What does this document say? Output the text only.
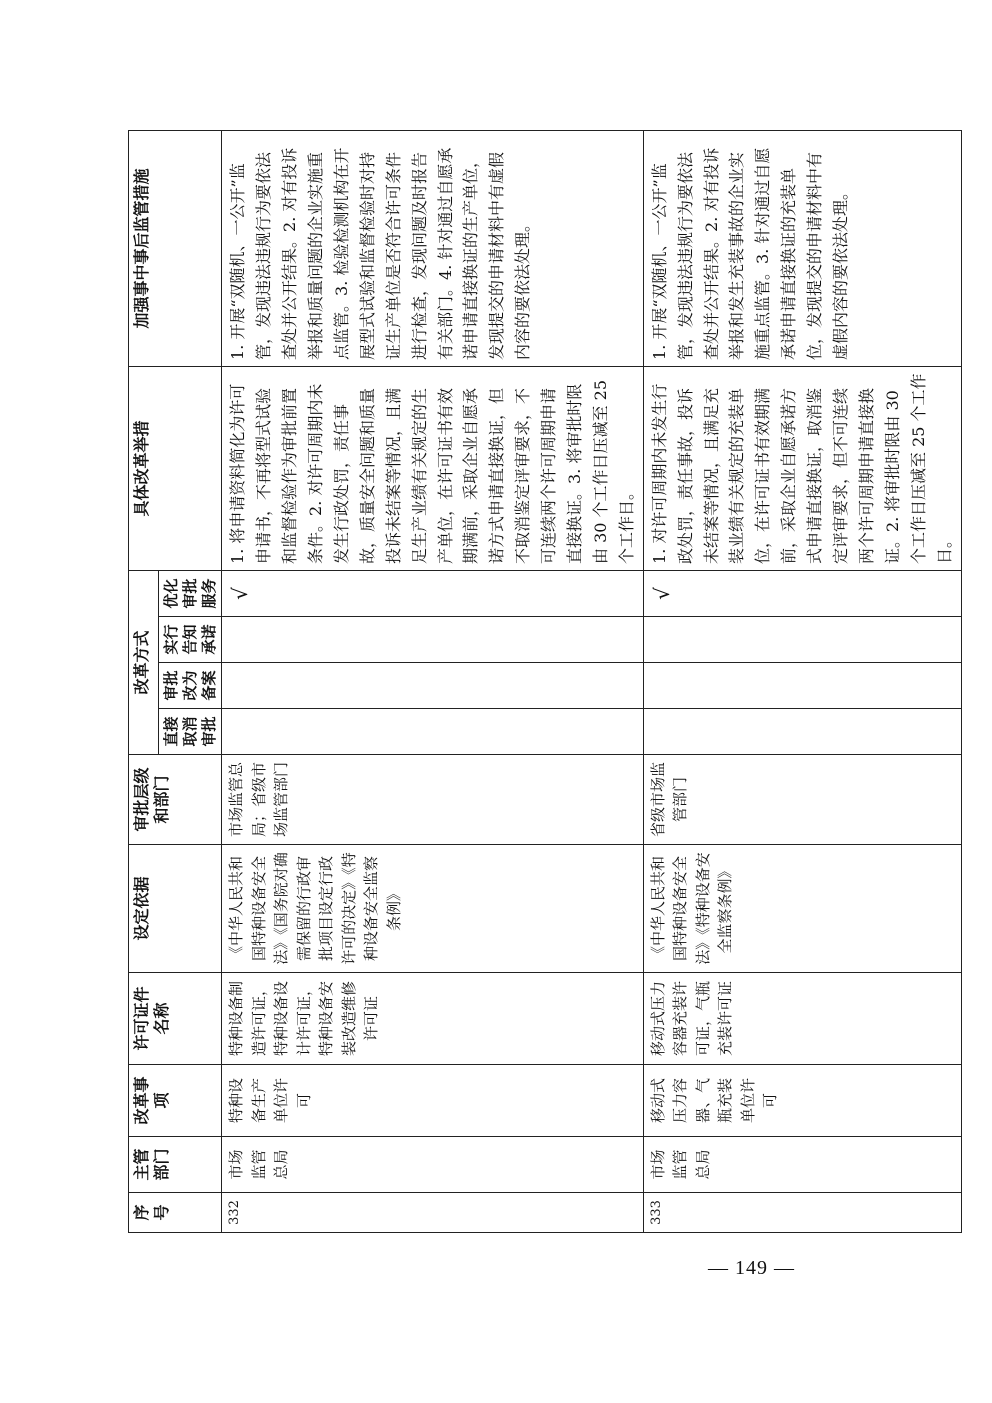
序号	主管部门	改革事项	许可证件名称	设定依据	审批层级和部门	改革方式				具体改革举措	加强事中事后监管措施
						直接取消审批	审批改为备案	实行告知承诺	优化审批服务		
332	市场监管总局	特种设备生产单位许可	特种设备制造许可证，特种设备设计许可证，特种设备安装改造维修许可证	《中华人民共和国特种设备安全法》《国务院对确需保留的行政审批项目设定行政许可的决定》《特种设备安全监察条例》	市场监管总局；省级市场监管部门				√	1. 将申请资料简化为许可申请书，不再将型式试验和监督检验作为审批前置条件。2. 对许可周期内未发生行政处罚，责任事故，质量安全问题和质量投诉未结案等情况，且满足生产业绩有关规定的生产单位，在许可证书有效期满前，采取企业自愿承诺方式申请直接换证，但不取消鉴定评审要求，不可连续两个许可周期申请直接换证。3. 将审批时限由 30 个工作日压减至 25 个工作日。	1. 开展“双随机、一公开”监管，发现违法违规行为要依法查处并公开结果。2. 对有投诉举报和质量问题的企业实施重点监管。3. 检验检测机构在开展型式试验和监督检验时对持证生产单位是否符合许可条件进行检查，发现问题及时报告有关部门。4. 针对通过自愿承诺申请直接换证的生产单位，发现提交的申请材料中有虚假内容的要依法处理。
333	市场监管总局	移动式压力容器、气瓶充装单位许可	移动式压力容器充装许可证，气瓶充装许可证	《中华人民共和国特种设备安全法》《特种设备安全监察条例》	省级市场监管部门				√	1. 对许可周期内未发生行政处罚，责任事故，投诉未结案等情况，且满足充装业绩有关规定的充装单位，在许可证书有效期满前，采取企业自愿承诺方式申请直接换证，取消鉴定评审要求，但不可连续两个许可周期申请直接换证。2. 将审批时限由 30 个工作日压减至 25 个工作日。	1. 开展“双随机、一公开”监管，发现违法违规行为要依法查处并公开结果。2. 对有投诉举报和发生充装事故的企业实施重点监管。3. 针对通过自愿承诺申请直接换证的充装单位，发现提交的申请材料中有虚假内容的要依法处理。
— 149 —
